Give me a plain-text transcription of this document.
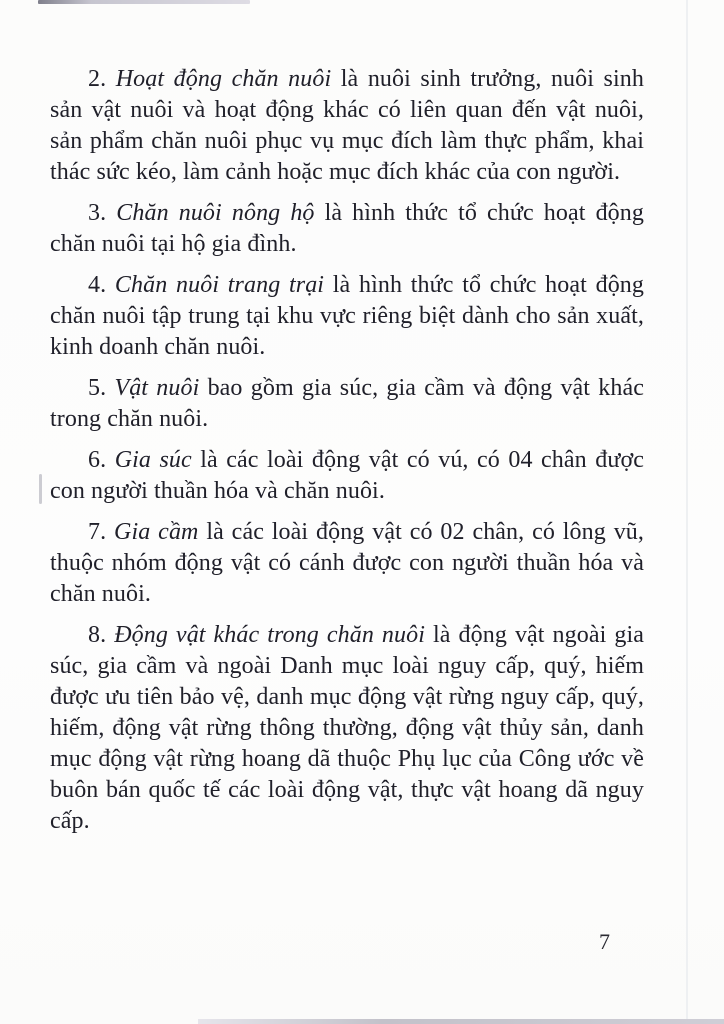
2. Hoạt động chăn nuôi là nuôi sinh trưởng, nuôi sinh sản vật nuôi và hoạt động khác có liên quan đến vật nuôi, sản phẩm chăn nuôi phục vụ mục đích làm thực phẩm, khai thác sức kéo, làm cảnh hoặc mục đích khác của con người.

3. Chăn nuôi nông hộ là hình thức tổ chức hoạt động chăn nuôi tại hộ gia đình.

4. Chăn nuôi trang trại là hình thức tổ chức hoạt động chăn nuôi tập trung tại khu vực riêng biệt dành cho sản xuất, kinh doanh chăn nuôi.

5. Vật nuôi bao gồm gia súc, gia cầm và động vật khác trong chăn nuôi.

6. Gia súc là các loài động vật có vú, có 04 chân được con người thuần hóa và chăn nuôi.

7. Gia cầm là các loài động vật có 02 chân, có lông vũ, thuộc nhóm động vật có cánh được con người thuần hóa và chăn nuôi.

8. Động vật khác trong chăn nuôi là động vật ngoài gia súc, gia cầm và ngoài Danh mục loài nguy cấp, quý, hiếm được ưu tiên bảo vệ, danh mục động vật rừng nguy cấp, quý, hiếm, động vật rừng thông thường, động vật thủy sản, danh mục động vật rừng hoang dã thuộc Phụ lục của Công ước về buôn bán quốc tế các loài động vật, thực vật hoang dã nguy cấp.

7
